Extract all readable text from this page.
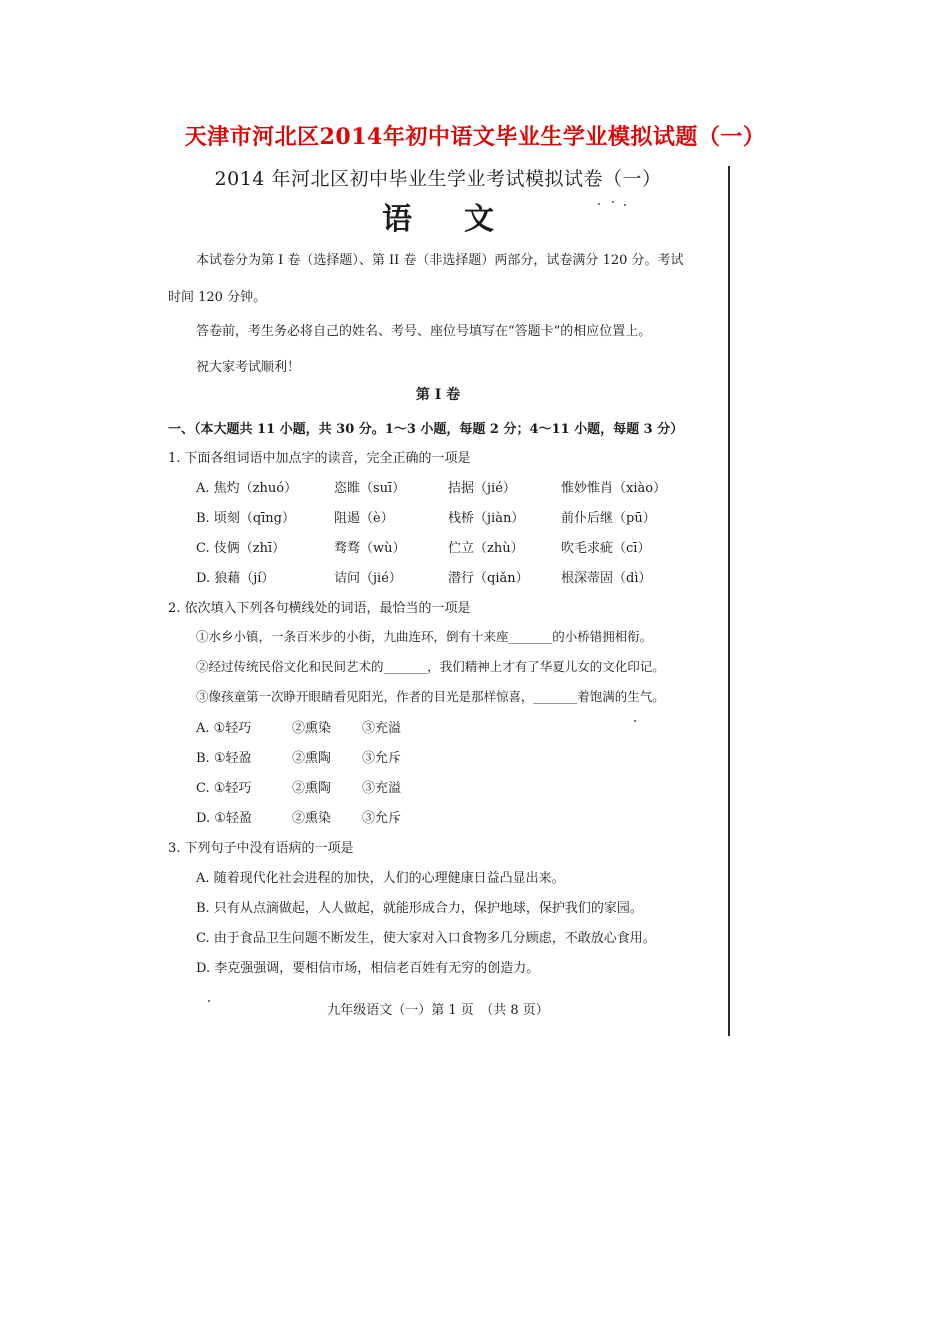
天津市河北区2014年初中语文毕业生学业模拟试题（一）
2014 年河北区初中毕业生学业考试模拟试卷（一）
语 文
本试卷分为第 I 卷（选择题）、第 II 卷（非选择题）两部分，试卷满分 120 分。考试
时间 120 分钟。
答卷前，考生务必将自己的姓名、考号、座位号填写在“答题卡”的相应位置上。
祝大家考试顺利！
第 I 卷
一、（本大题共 11 小题，共 30 分。1～3 小题，每题 2 分；4～11 小题，每题 3 分）
1. 下面各组词语中加点字的读音，完全正确的一项是
A. 焦灼（zhuó）	恣睢（suī）	拮据（jié）	惟妙惟肖（xiào）
B. 顷刻（qīng）	阻遏（è）	栈桥（jiàn）	前仆后继（pū）
C. 伎俩（zhī）	骛骛（wù）	伫立（zhù）	吹毛求疵（cī）
D. 狼藉（jí）	诘问（jié）	潜行（qiǎn） 根深蒂固（dì）
2. 依次填入下列各句横线处的词语，最恰当的一项是
①水乡小镇，一条百米步的小街，九曲连环，倒有十来座_______的小桥错拥相衔。
②经过传统民俗文化和民间艺术的_______，我们精神上才有了华夏儿女的文化印记。
③像孩童第一次睁开眼睛看见阳光，作者的目光是那样惊喜，_______着饱满的生气。
A. ①轻巧	②熏染 ③充溢
B. ①轻盈	②熏陶 ③允斥
C. ①轻巧	②熏陶 ③充溢
D. ①轻盈	②熏染 ③允斥
3. 下列句子中没有语病的一项是
A. 随着现代化社会进程的加快，人们的心理健康日益凸显出来。
B. 只有从点滴做起，人人做起，就能形成合力，保护地球，保护我们的家园。
C. 由于食品卫生问题不断发生，使大家对入口食物多几分顾虑，不敢放心食用。
D. 李克强强调，要相信市场，相信老百姓有无穷的创造力。
九年级语文（一）第 1 页　（共 8 页）
